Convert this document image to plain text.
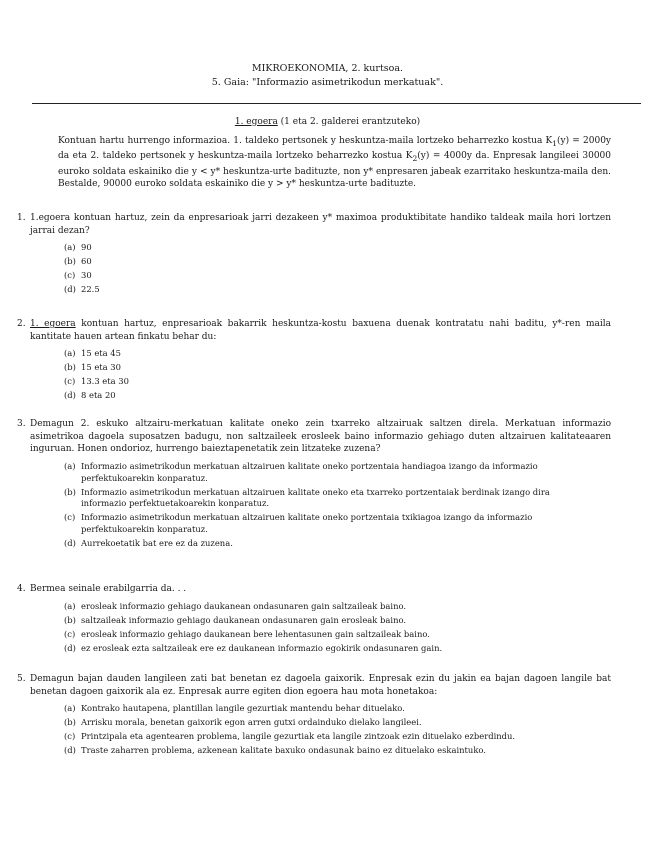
MIKROEKONOMIA, 2. kurtsoa.
5. Gaia: "Informazio asimetrikodun merkatuak".
1. egoera (1 eta 2. galderei erantzuteko)
Kontuan hartu hurrengo informazioa. 1. taldeko pertsonek y heskuntza-maila lortzeko beharrezko kostua $K_1(y) = 2000y$ da eta 2. taldeko pertsonek y heskuntza-maila lortzeko beharrezko kostua $K_2(y) = 4000y$ da. Enpresak langileei 30000 euroko soldata eskainiko die y < y* heskuntza-urte badituzte, non y* enpresaren jabeak ezarritako heskuntza-maila den. Bestalde, 90000 euroko soldata eskainiko die y > y* heskuntza-urte badituzte.
1. 1.egoera kontuan hartuz, zein da enpresarioak jarri dezakeen y* maximoa produktibitate handiko taldeak maila hori lortzen jarrai dezan?
(a) 90
(b) 60
(c) 30
(d) 22.5
2. 1. egoera kontuan hartuz, enpresarioak bakarrik heskuntza-kostu baxuena duenak kontratatu nahi baditu, y*-ren maila kantitate hauen artean finkatu behar du:
(a) 15 eta 45
(b) 15 eta 30
(c) 13.3 eta 30
(d) 8 eta 20
3. Demagun 2. eskuko altzairu-merkatuan kalitate oneko zein txarreko altzairuak saltzen direla. Merkatuan informazio asimetrikoa dagoela suposatzen badugu, non saltzaileek erosleek baino informazio gehiago duten altzairuen kalitateaaren inguruan. Honen ondorioz, hurrengo baieztapenetatik zein litzateke zuzena?
(a) Informazio asimetrikodun merkatuan altzairuen kalitate oneko portzentaia handiagoa izango da informazio perfektukoarekin konparatuz.
(b) Informazio asimetrikodun merkatuan altzairuen kalitate oneko eta txarreko portzentaiak berdinak izango dira informazio perfektuetakoarekin konparatuz.
(c) Informazio asimetrikodun merkatuan altzairuen kalitate oneko portzentaia txikiagoa izango da informazio perfektukoarekin konparatuz.
(d) Aurrekoetatik bat ere ez da zuzena.
4. Bermea seinale erabilgarria da. . .
(a) erosleak informazio gehiago daukanean ondasunaren gain saltzaileak baino.
(b) saltzaileak informazio gehiago daukanean ondasunaren gain erosleak baino.
(c) erosleak informazio gehiago daukanean bere lehentasunen gain saltzaileak baino.
(d) ez erosleak ezta saltzaileak ere ez daukanean informazio egokirik ondasunaren gain.
5. Demagun bajan dauden langileen zati bat benetan ez dagoela gaixorik. Enpresak ezin du jakin ea bajan dagoen langile bat benetan dagoen gaixorik ala ez. Enpresak aurre egiten dion egoera hau mota honetakoa:
(a) Kontrako hautapena, plantillan langile gezurtiak mantendu behar dituelako.
(b) Arrisku morala, benetan gaixorik egon arren gutxi ordainduko dielako langileei.
(c) Printzipala eta agentearen problema, langile gezurtiak eta langile zintzoak ezin dituelako ezberdindu.
(d) Traste zaharren problema, azkenean kalitate baxuko ondasunak baino ez dituelako eskaintuko.
